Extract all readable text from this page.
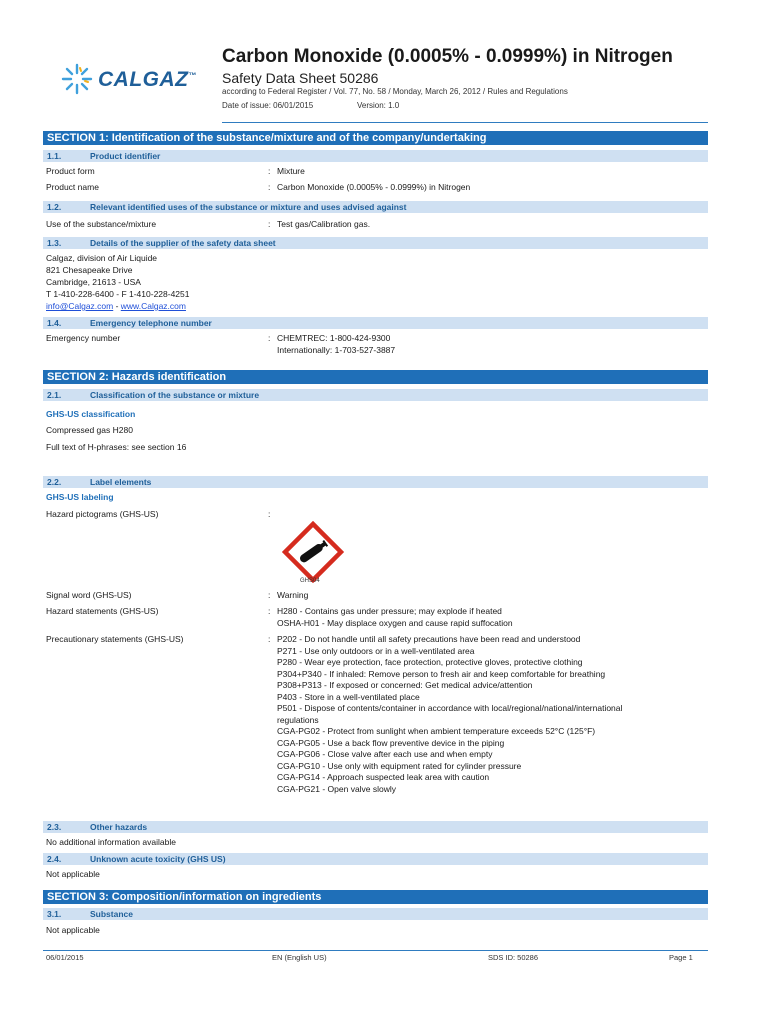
CALGAZ™
Carbon Monoxide (0.0005% - 0.0999%) in Nitrogen
Safety Data Sheet 50286
according to Federal Register / Vol. 77, No. 58 / Monday, March 26, 2012 / Rules and Regulations
Date of issue: 06/01/2015	Version: 1.0
SECTION 1: Identification of the substance/mixture and of the company/undertaking
1.1.	Product identifier
Product form	: Mixture
Product name	: Carbon Monoxide (0.0005% - 0.0999%) in Nitrogen
1.2.	Relevant identified uses of the substance or mixture and uses advised against
Use of the substance/mixture	: Test gas/Calibration gas.
1.3.	Details of the supplier of the safety data sheet
Calgaz, division of Air Liquide
821 Chesapeake Drive
Cambridge, 21613 - USA
T 1-410-228-6400 - F 1-410-228-4251
info@Calgaz.com - www.Calgaz.com
1.4.	Emergency telephone number
Emergency number	: CHEMTREC: 1-800-424-9300
Internationally: 1-703-527-3887
SECTION 2: Hazards identification
2.1.	Classification of the substance or mixture
GHS-US classification
Compressed gas H280
Full text of H-phrases: see section 16
2.2.	Label elements
GHS-US labeling
Hazard pictograms (GHS-US)	:
GHS04
Signal word (GHS-US)	: Warning
Hazard statements (GHS-US)	: H280 - Contains gas under pressure; may explode if heated
OSHA-H01 - May displace oxygen and cause rapid suffocation
Precautionary statements (GHS-US)	: P202 - Do not handle until all safety precautions have been read and understood
P271 - Use only outdoors or in a well-ventilated area
P280 - Wear eye protection, face protection, protective gloves, protective clothing
P304+P340 - If inhaled: Remove person to fresh air and keep comfortable for breathing
P308+P313 - If exposed or concerned: Get medical advice/attention
P403 - Store in a well-ventilated place
P501 - Dispose of contents/container in accordance with local/regional/national/international
regulations
CGA-PG02 - Protect from sunlight when ambient temperature exceeds 52°C (125°F)
CGA-PG05 - Use a back flow preventive device in the piping
CGA-PG06 - Close valve after each use and when empty
CGA-PG10 - Use only with equipment rated for cylinder pressure
CGA-PG14 - Approach suspected leak area with caution
CGA-PG21 - Open valve slowly
2.3.	Other hazards
No additional information available
2.4.	Unknown acute toxicity (GHS US)
Not applicable
SECTION 3: Composition/information on ingredients
3.1.	Substance
Not applicable
06/01/2015	EN (English US)	SDS ID: 50286	Page 1
